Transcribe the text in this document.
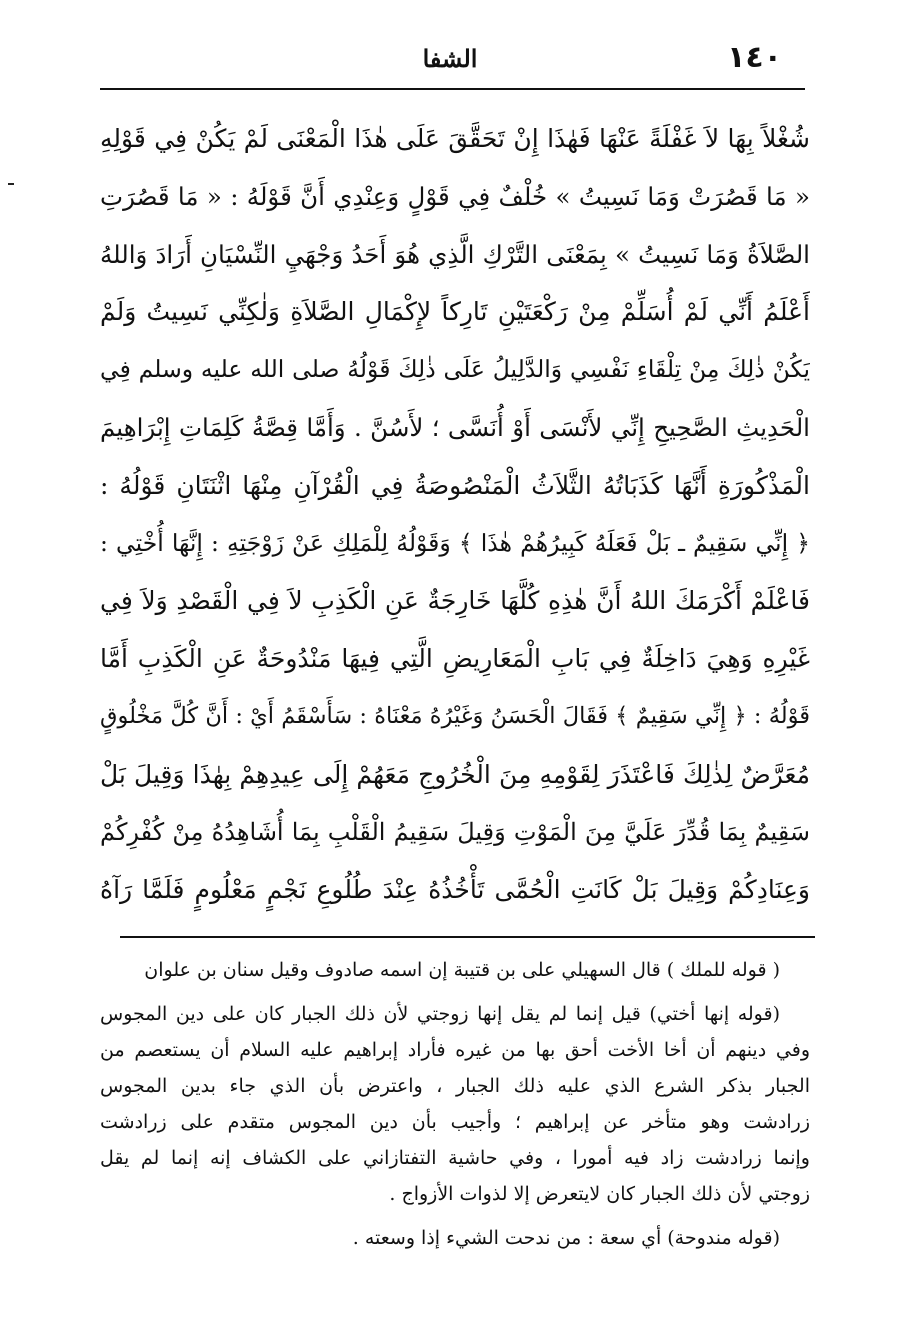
١٤٠
الشفا
شُغْلاً بِهَا لاَ غَفْلَةً عَنْهَا فَهٰذَا إِنْ تَحَقَّقَ عَلَى هٰذَا الْمَعْنَى لَمْ يَكُنْ فِي قَوْلِهِ
« مَا قَصُرَتْ وَمَا نَسِيتُ » خُلْفٌ فِي قَوْلٍ وَعِنْدِي أَنَّ قَوْلَهُ : « مَا قَصُرَتِ
الصَّلاَةُ وَمَا نَسِيتُ » بِمَعْنَى التَّرْكِ الَّذِي هُوَ أَحَدُ وَجْهَيِ النِّسْيَانِ أَرَادَ وَاللهُ
أَعْلَمُ أَنِّي لَمْ أُسَلِّمْ مِنْ رَكْعَتَيْنِ تَارِكاً لإِكْمَالِ الصَّلاَةِ وَلٰكِنِّي نَسِيتُ وَلَمْ
يَكُنْ ذٰلِكَ مِنْ تِلْقَاءِ نَفْسِي وَالدَّلِيلُ عَلَى ذٰلِكَ قَوْلُهُ صلى الله عليه وسلم فِي
الْحَدِيثِ الصَّحِيحِ إِنِّي لأَنْسَى أَوْ أُنَسَّى ؛ لأَسُنَّ . وَأَمَّا قِصَّةُ كَلِمَاتِ إِبْرَاهِيمَ
الْمَذْكُورَةِ أَنَّهَا كَذَبَاتُهُ الثَّلاَثُ الْمَنْصُوصَةُ فِي الْقُرْآنِ مِنْهَا اثْنَتَانِ قَوْلُهُ :
﴿ إِنِّي سَقِيمٌ ـ بَلْ فَعَلَهُ كَبِيرُهُمْ هٰذَا ﴾ وَقَوْلُهُ لِلْمَلِكِ عَنْ زَوْجَتِهِ : إِنَّهَا أُخْتِي :
فَاعْلَمْ أَكْرَمَكَ اللهُ أَنَّ هٰذِهِ كُلَّهَا خَارِجَةٌ عَنِ الْكَذِبِ لاَ فِي الْقَصْدِ وَلاَ فِي
غَيْرِهِ وَهِيَ دَاخِلَةٌ فِي بَابِ الْمَعَارِيضِ الَّتِي فِيهَا مَنْدُوحَةٌ عَنِ الْكَذِبِ أَمَّا
قَوْلُهُ : ﴿ إِنِّي سَقِيمٌ ﴾ فَقَالَ الْحَسَنُ وَغَيْرُهُ مَعْنَاهُ : سَأَسْقَمُ أَيْ : أَنَّ كُلَّ مَخْلُوقٍ
مُعَرَّضٌ لِذٰلِكَ فَاعْتَذَرَ لِقَوْمِهِ مِنَ الْخُرُوجِ مَعَهُمْ إِلَى عِيدِهِمْ بِهٰذَا وَقِيلَ بَلْ
سَقِيمٌ بِمَا قُدِّرَ عَلَيَّ مِنَ الْمَوْتِ وَقِيلَ سَقِيمُ الْقَلْبِ بِمَا أُشَاهِدُهُ مِنْ كُفْرِكُمْ
وَعِنَادِكُمْ وَقِيلَ بَلْ كَانَتِ الْحُمَّى تَأْخُذُهُ عِنْدَ طُلُوعِ نَجْمٍ مَعْلُومٍ فَلَمَّا رَآهُ
( قوله للملك ) قال السهيلي على بن قتيبة إن اسمه صادوف وقيل سنان بن علوان
(قوله إنها أختي) قيل إنما لم يقل إنها زوجتي لأن ذلك الجبار كان على دين المجوس
وفي دينهم أن أخا الأخت أحق بها من غيره فأراد إبراهيم عليه السلام أن يستعصم من
الجبار بذكر الشرع الذي عليه ذلك الجبار ، واعترض بأن الذي جاء بدين المجوس
زرادشت وهو متأخر عن إبراهيم ؛ وأجيب بأن دين المجوس متقدم على زرادشت
وإنما زرادشت زاد فيه أمورا ، وفي حاشية التفتازاني على الكشاف إنه إنما لم يقل
زوجتي لأن ذلك الجبار كان لايتعرض إلا لذوات الأزواج .
(قوله مندوحة) أي سعة : من ندحت الشيء إذا وسعته .
